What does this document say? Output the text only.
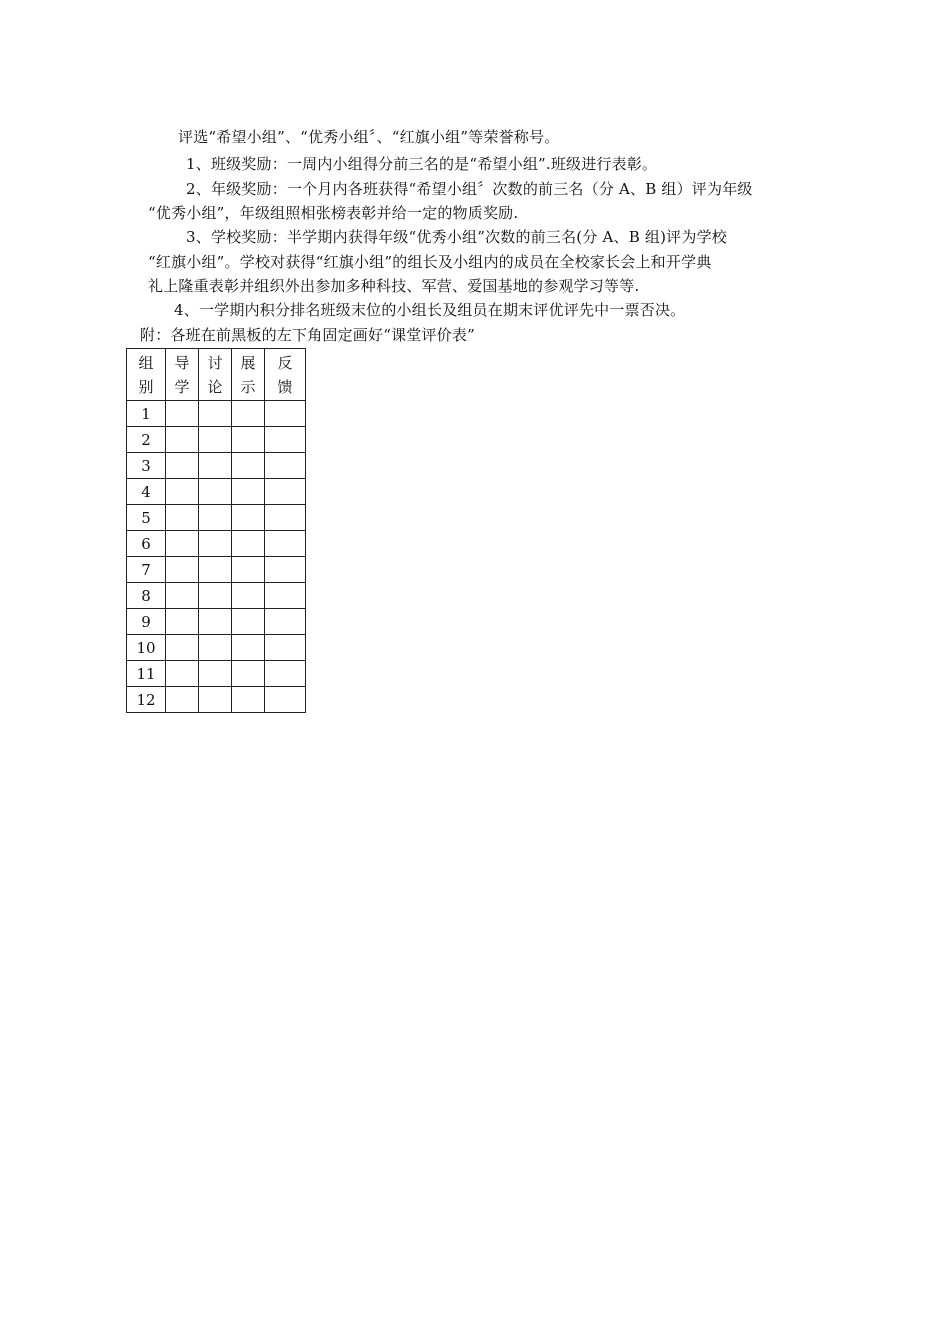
评选“希望小组”、“优秀小组〞、“红旗小组”等荣誉称号。
1、班级奖励：一周内小组得分前三名的是“希望小组”.班级进行表彰。
2、年级奖励：一个月内各班获得“希望小组〞次数的前三名（分 A、B 组）评为年级
“优秀小组”，年级组照相张榜表彰并给一定的物质奖励.
3、学校奖励：半学期内获得年级“优秀小组”次数的前三名(分 A、B 组)评为学校
“红旗小组”。学校对获得“红旗小组”的组长及小组内的成员在全校家长会上和开学典
礼上隆重表彰并组织外出参加多种科技、军营、爱国基地的参观学习等等.
4、一学期内积分排名班级末位的小组长及组员在期末评优评先中一票否决。
附：各班在前黑板的左下角固定画好“课堂评价表”
组别	导学	讨论	展示	反馈
1				
2				
3				
4				
5				
6				
7				
8				
9				
10				
11				
12				
